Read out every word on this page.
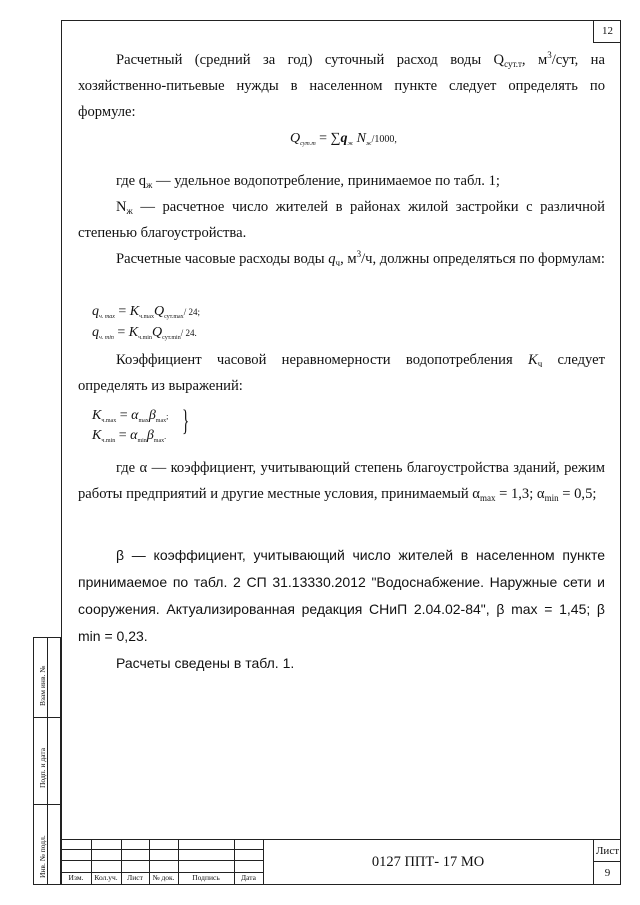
12
Расчетный (средний за год) суточный расход воды $Q_{сут.т}$, $м^3$/сут, на хозяйственно-питьевые нужды в населенном пункте следует определять по формуле:
$Q_{сут.т} = \sum q_ж$ $N_ж/1000$,
где $q_ж$ — удельное водопотребление, принимаемое по табл. 1;
$N_ж$ — расчетное число жителей в районах жилой застройки с различной степенью благоустройства.
Расчетные часовые расходы воды $q_ч$, $м^3/ч$, должны определяться по формулам:
$q_{ч. max} = K_{ч.max}Q_{сут.max}/$ 24;
$q_{ч. min} = K_{ч.min}Q_{сут.min}/$ 24.
Коэффициент часовой неравномерности водопотребления $К_ч$ следует определять из выражений:
$K_{ч.max} = \alpha_{max}\beta_{max}$;
$K_{ч.min} = \alpha_{min}\beta_{max}$. }
где α — коэффициент, учитывающий степень благоустройства зданий, режим работы предприятий и другие местные условия, принимаемый $\alpha_{max} = 1,3$; $\alpha_{min} = 0,5$;
β — коэффициент, учитывающий число жителей в населенном пункте принимаемое по табл. 2 СП 31.13330.2012 "Водоснабжение. Наружные сети и сооружения. Актуализированная редакция СНиП 2.04.02-84", β max = 1,45; β min = 0,23.
Расчеты сведены в табл. 1.
Взам инв. №
Подп. и дата
Инв. № подл.	Изм.	Кол.уч.	Лист	№ док.	Подпись	Дата
0127 ППТ- 17 МО
Лист
9
